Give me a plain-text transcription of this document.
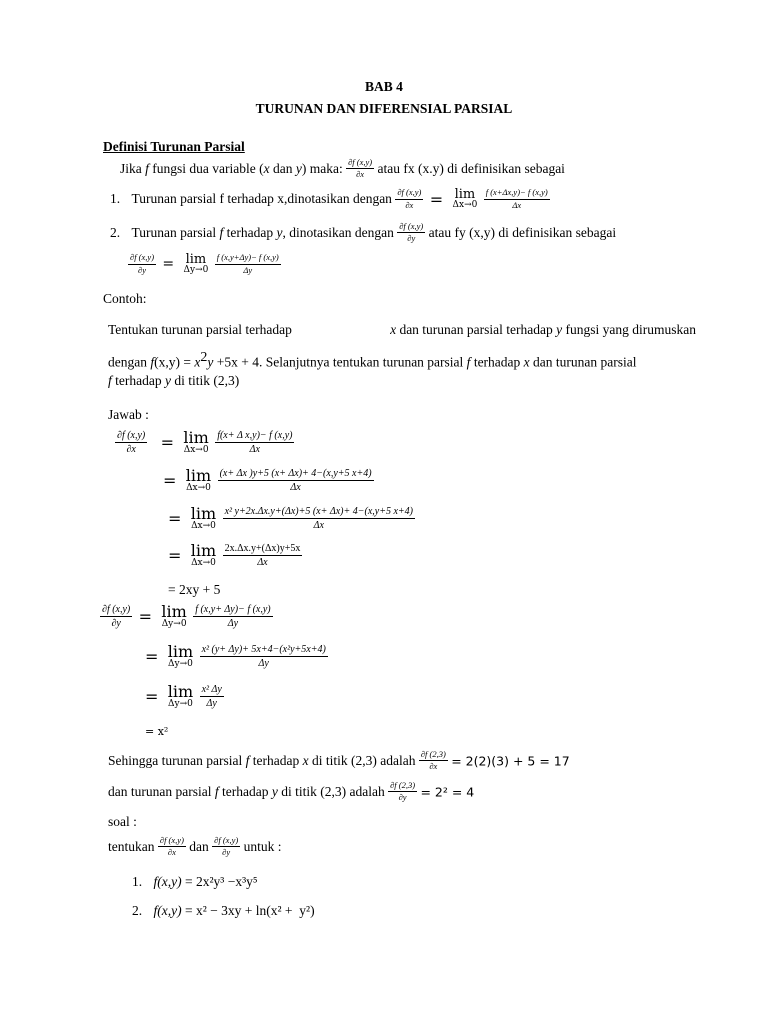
BAB 4
TURUNAN DAN DIFERENSIAL PARSIAL
Definisi Turunan Parsial
Jika f fungsi dua variable (x dan y) maka: $\frac{\partial f (x,y)}{\partial x}$ atau fx (x.y) di definisikan sebagai
1. Turunan parsial f terhadap x,dinotasikan dengan $\frac{\partial f (x,y)}{\partial x} = \lim$
Δx→0
$\frac{f (x+\Delta x,y)- f (x,y)}{\Delta x}$
2. Turunan parsial f terhadap y, dinotasikan dengan $\frac{\partial f (x,y)}{\partial y}$ atau fy (x,y) di definisikan sebagai
$\frac{\partial f (x,y)}{\partial y} = \lim$
Δy→0
$\frac{f (x,y+\Delta y)- f (x,y)}{\Delta y}$
Contoh:
Tentukan turunan parsial terhadap	x dan turunan parsial terhadap y fungsi yang dirumuskan
dengan $f(x,y) = x^2y +5x + 4$. Selanjutnya tentukan turunan parsial f terhadap x dan turunan parsial
f terhadap y di titik (2,3)
Jawab :
$\frac{\partial f (x,y)}{\partial x} = \lim$
Δx→0
$\frac{\text{f(x+ Δ x,y)− f (x,y)}}{\Delta x}$
= lim
Δx→0
$\frac{(x+ \Delta x )y+5 (x+ \Delta x)+ 4-(x,y+5 x+4)}{\Delta x}$
= lim
Δx→0
$\frac{\text{x² y+2x.Δx.y+(Δx)+5 (x+ Δx)+ 4−(x,y+5 x+4)}}{\Delta x}$
= lim
Δx→0
$\frac{2x.\Delta x.y+(\Delta x)y+5x}{\Delta x}$
= 2xy + 5
$\frac{\partial f (x,y)}{\partial y} = \lim$
Δy→0
$\frac{f (x,y+ \Delta y)- f (x,y)}{\Delta y}$
= lim
Δy→0
$\frac{\text{x² (y+ Δy)+ 5x+4−(x²y+5x+4)}}{\Delta y}$
= lim
Δy→0
$\frac{\text{x² Δy}}{\Delta y}$
= x²
Sehingga turunan parsial f terhadap x di titik (2,3) adalah $\frac{\partial f (2,3)}{\partial x} = 2(2)(3) + 5 = 17$
dan turunan parsial f terhadap y di titik (2,3) adalah $\frac{\partial f (2,3)}{\partial y} = 2^2 = 4$
soal :
tentukan $\frac{\partial f (x,y)}{\partial x}$ dan $\frac{\partial f (x,y)}{\partial y}$ untuk :
1. f(x,y) = 2x²y³ −x³y⁵
2. f(x,y) = x² − 3xy + ln(x² +  y²)
